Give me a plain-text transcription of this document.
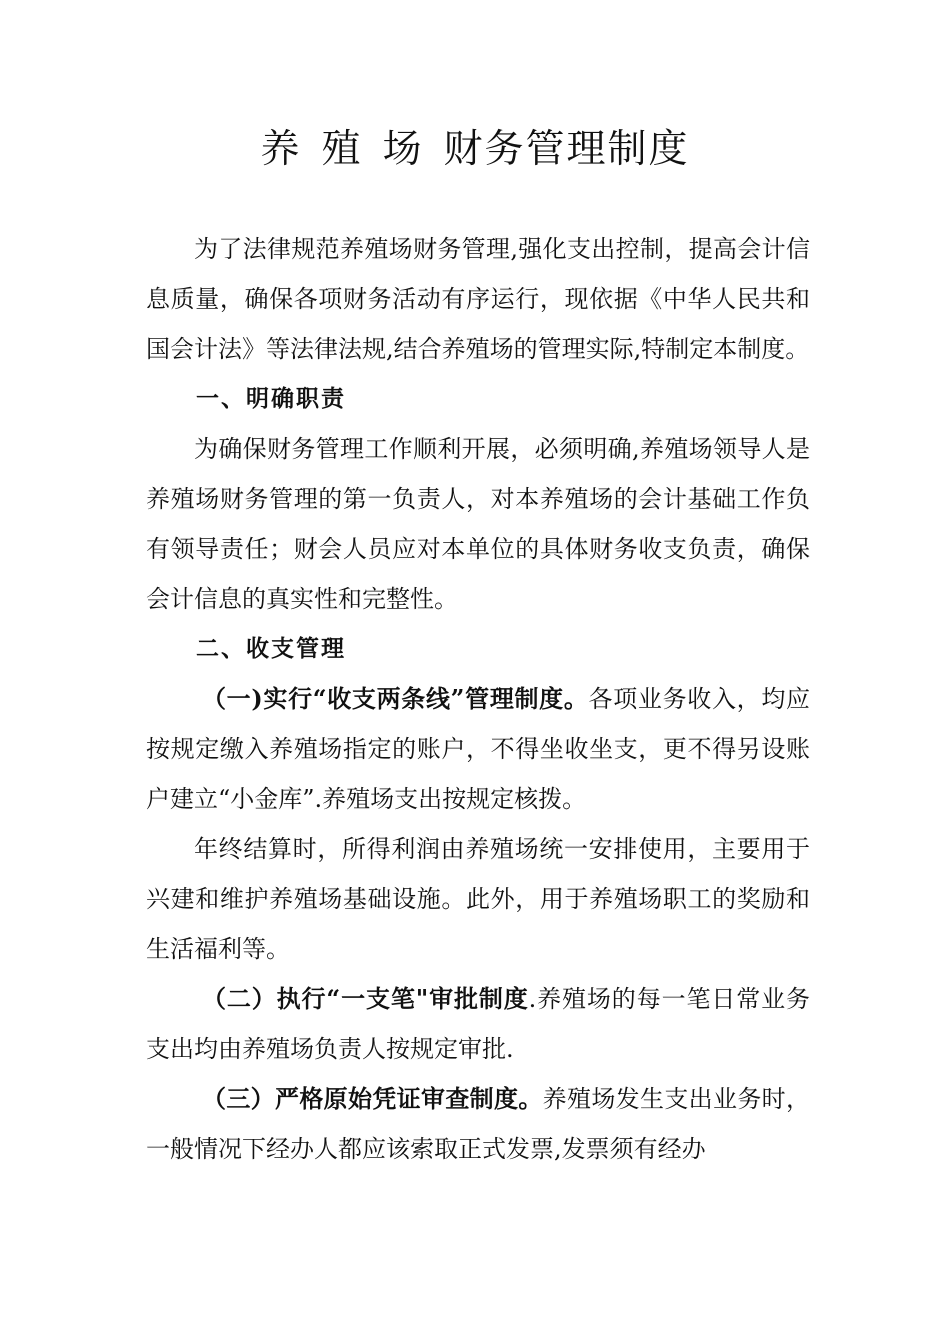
养 殖 场 财务管理制度

为了法律规范养殖场财务管理,强化支出控制，提高会计信息质量，确保各项财务活动有序运行，现依据《中华人民共和国会计法》等法律法规,结合养殖场的管理实际,特制定本制度。

一、明确职责

为确保财务管理工作顺利开展，必须明确,养殖场领导人是养殖场财务管理的第一负责人，对本养殖场的会计基础工作负有领导责任；财会人员应对本单位的具体财务收支负责，确保会计信息的真实性和完整性。

二、收支管理

（一)实行“收支两条线”管理制度。各项业务收入，均应按规定缴入养殖场指定的账户，不得坐收坐支，更不得另设账户建立“小金库”.养殖场支出按规定核拨。

年终结算时，所得利润由养殖场统一安排使用，主要用于兴建和维护养殖场基础设施。此外，用于养殖场职工的奖励和生活福利等。

（二）执行“一支笔"审批制度.养殖场的每一笔日常业务支出均由养殖场负责人按规定审批.

（三）严格原始凭证审查制度。养殖场发生支出业务时，一般情况下经办人都应该索取正式发票,发票须有经办
